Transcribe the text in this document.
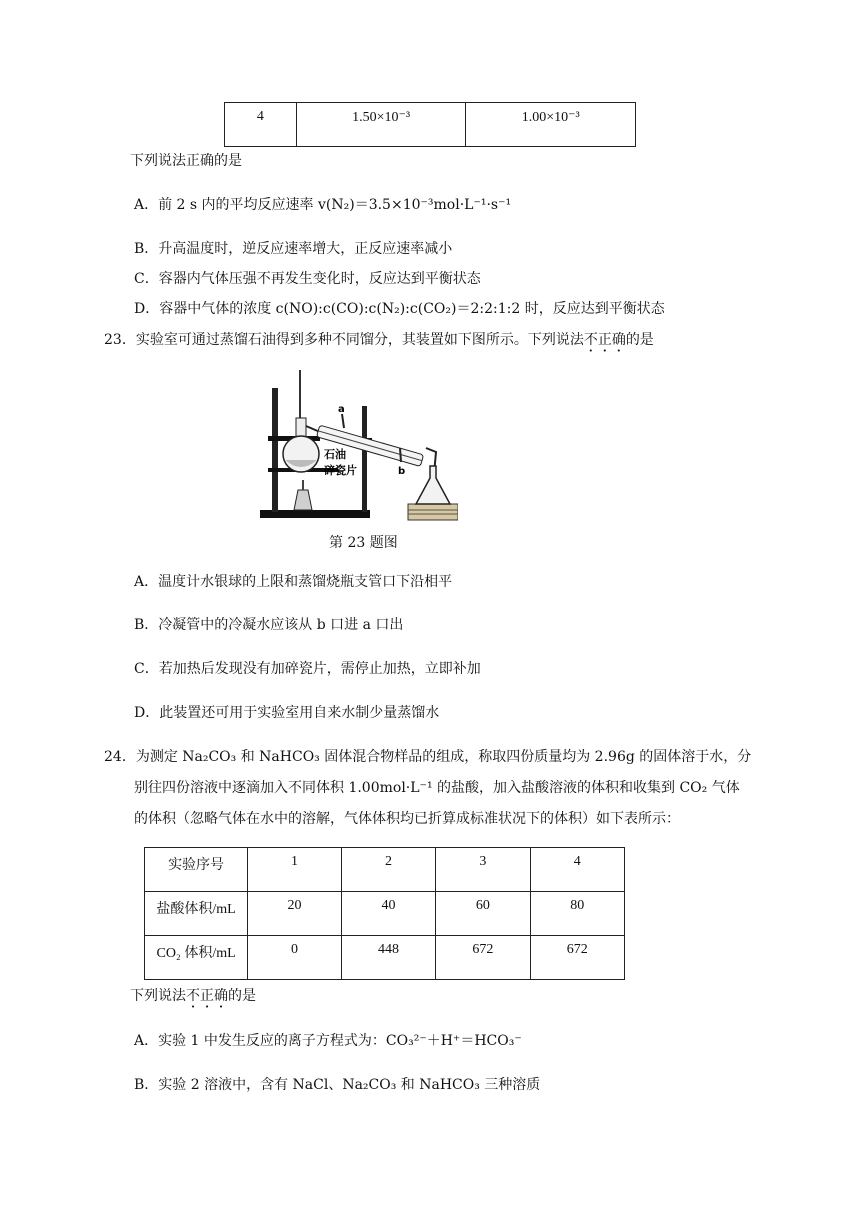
4	1.50×10⁻³	1.00×10⁻³
下列说法正确的是
A．前 2 s 内的平均反应速率 v(N₂)＝3.5×10⁻³mol·L⁻¹·s⁻¹
B．升高温度时，逆反应速率增大，正反应速率减小
C．容器内气体压强不再发生变化时，反应达到平衡状态
D．容器中气体的浓度 c(NO):c(CO):c(N₂):c(CO₂)＝2:2:1:2 时，反应达到平衡状态
23．实验室可通过蒸馏石油得到多种不同馏分，其装置如下图所示。下列说法不正确的是
a
b
石油
碎瓷片
第 23 题图
A．温度计水银球的上限和蒸馏烧瓶支管口下沿相平
B．冷凝管中的冷凝水应该从 b 口进 a 口出
C．若加热后发现没有加碎瓷片，需停止加热，立即补加
D．此装置还可用于实验室用自来水制少量蒸馏水
24．为测定 Na₂CO₃ 和 NaHCO₃ 固体混合物样品的组成，称取四份质量均为 2.96g 的固体溶于水，分
别往四份溶液中逐滴加入不同体积 1.00mol·L⁻¹ 的盐酸，加入盐酸溶液的体积和收集到 CO₂ 气体
的体积（忽略气体在水中的溶解，气体体积均已折算成标准状况下的体积）如下表所示：
实验序号	1	2	3	4
盐酸体积/mL	20	40	60	80
CO₂ 体积/mL	0	448	672	672
下列说法不正确的是
A．实验 1 中发生反应的离子方程式为：CO₃²⁻＋H⁺＝HCO₃⁻
B．实验 2 溶液中，含有 NaCl、Na₂CO₃ 和 NaHCO₃ 三种溶质
